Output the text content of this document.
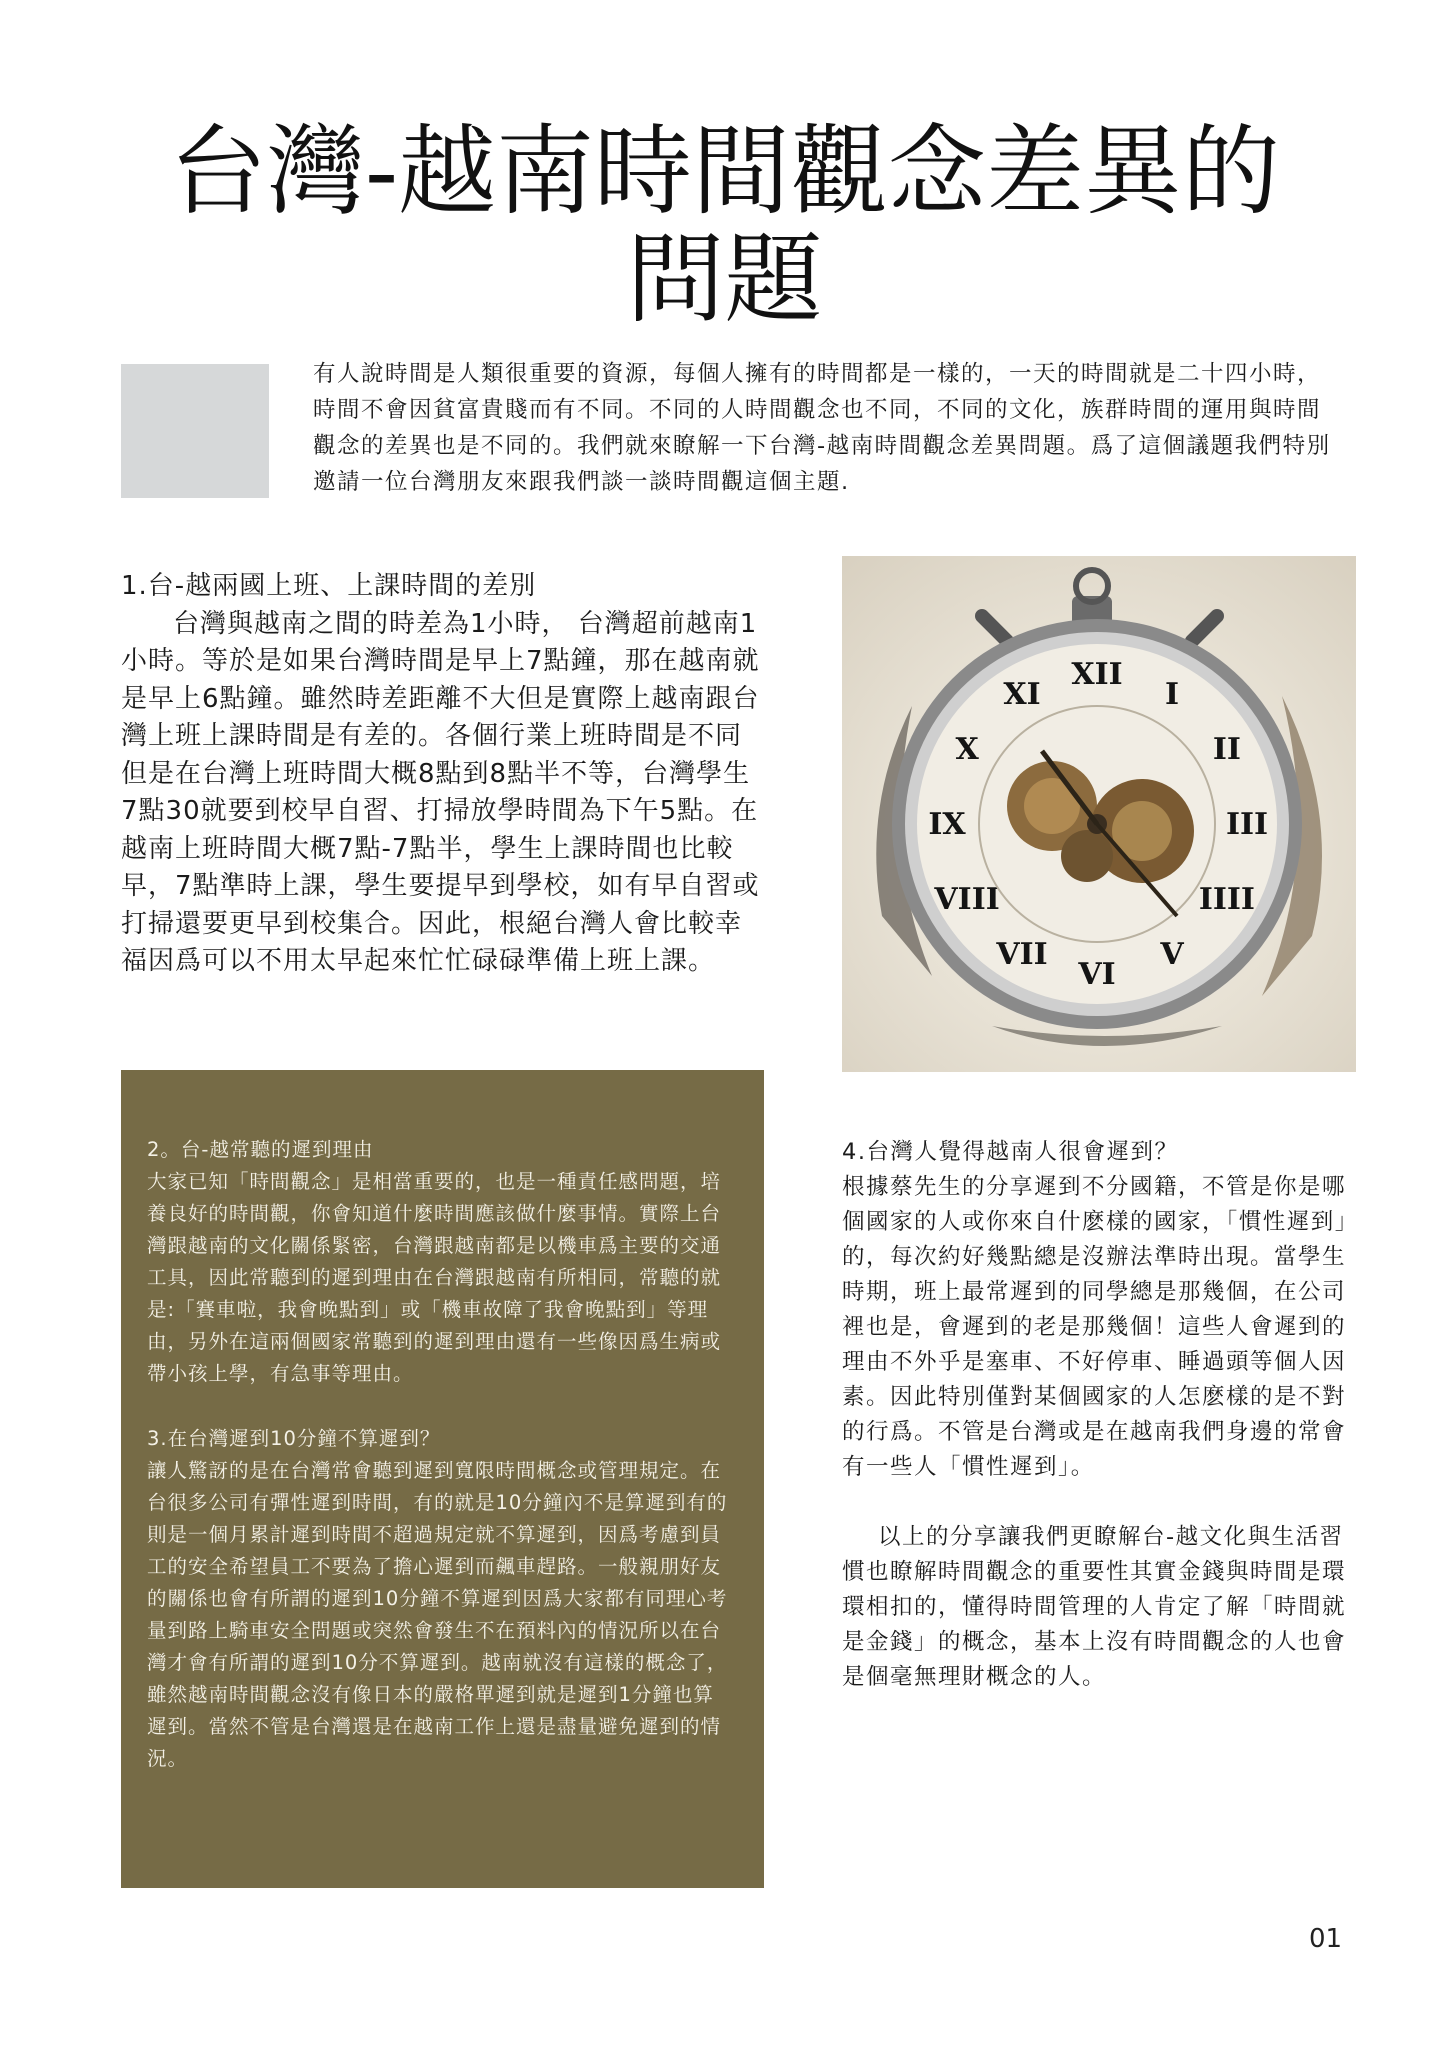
台灣-越南時間觀念差異的問題

有人說時間是人類很重要的資源，每個人擁有的時間都是一樣的，一天的時間就是二十四小時，時間不會因貧富貴賤而有不同。不同的人時間觀念也不同，不同的文化，族群時間的運用與時間觀念的差異也是不同的。我們就來瞭解一下台灣-越南時間觀念差異問題。爲了這個議題我們特別邀請一位台灣朋友來跟我們談一談時間觀這個主題.

1.台-越兩國上班、上課時間的差別

台灣與越南之間的時差為1小時， 台灣超前越南1小時。等於是如果台灣時間是早上7點鐘，那在越南就是早上6點鐘。雖然時差距離不大但是實際上越南跟台灣上班上課時間是有差的。各個行業上班時間是不同但是在台灣上班時間大概8點到8點半不等，台灣學生7點30就要到校早自習、打掃放學時間為下午5點。在越南上班時間大概7點-7點半，學生上課時間也比較早，7點準時上課，學生要提早到學校，如有早自習或打掃還要更早到校集合。因此，根絕台灣人會比較幸福因爲可以不用太早起來忙忙碌碌準備上班上課。

XII
I
II
III
IIII
V
VI
VII
VIII
IX
X
XI

2。台-越常聽的遲到理由

大家已知「時間觀念」是相當重要的，也是一種責任感問題，培養良好的時間觀，你會知道什麼時間應該做什麼事情。實際上台灣跟越南的文化關係緊密，台灣跟越南都是以機車爲主要的交通工具，因此常聽到的遲到理由在台灣跟越南有所相同，常聽的就是:「賽車啦，我會晚點到」或「機車故障了我會晚點到」等理由，另外在這兩個國家常聽到的遲到理由還有一些像因爲生病或帶小孩上學，有急事等理由。

3.在台灣遲到10分鐘不算遲到？

讓人驚訝的是在台灣常會聽到遲到寬限時間概念或管理規定。在台很多公司有彈性遲到時間，有的就是10分鐘內不是算遲到有的則是一個月累計遲到時間不超過規定就不算遲到，因爲考慮到員工的安全希望員工不要為了擔心遲到而飆車趕路。一般親朋好友的關係也會有所謂的遲到10分鐘不算遲到因爲大家都有同理心考量到路上騎車安全問題或突然會發生不在預料內的情況所以在台灣才會有所謂的遲到10分不算遲到。越南就沒有這樣的概念了，雖然越南時間觀念沒有像日本的嚴格單遲到就是遲到1分鐘也算遲到。當然不管是台灣還是在越南工作上還是盡量避免遲到的情況。

4.台灣人覺得越南人很會遲到？

根據蔡先生的分享遲到不分國籍，不管是你是哪個國家的人或你來自什麽樣的國家，「慣性遲到」的，每次約好幾點總是沒辦法準時出現。當學生時期，班上最常遲到的同學總是那幾個，在公司裡也是，會遲到的老是那幾個！這些人會遲到的理由不外乎是塞車、不好停車、睡過頭等個人因素。因此特別僅對某個國家的人怎麽樣的是不對的行爲。不管是台灣或是在越南我們身邊的常會有一些人「慣性遲到」。

以上的分享讓我們更瞭解台-越文化與生活習慣也瞭解時間觀念的重要性其實金錢與時間是環環相扣的，懂得時間管理的人肯定了解「時間就是金錢」的概念，基本上沒有時間觀念的人也會是個毫無理財概念的人。

01
